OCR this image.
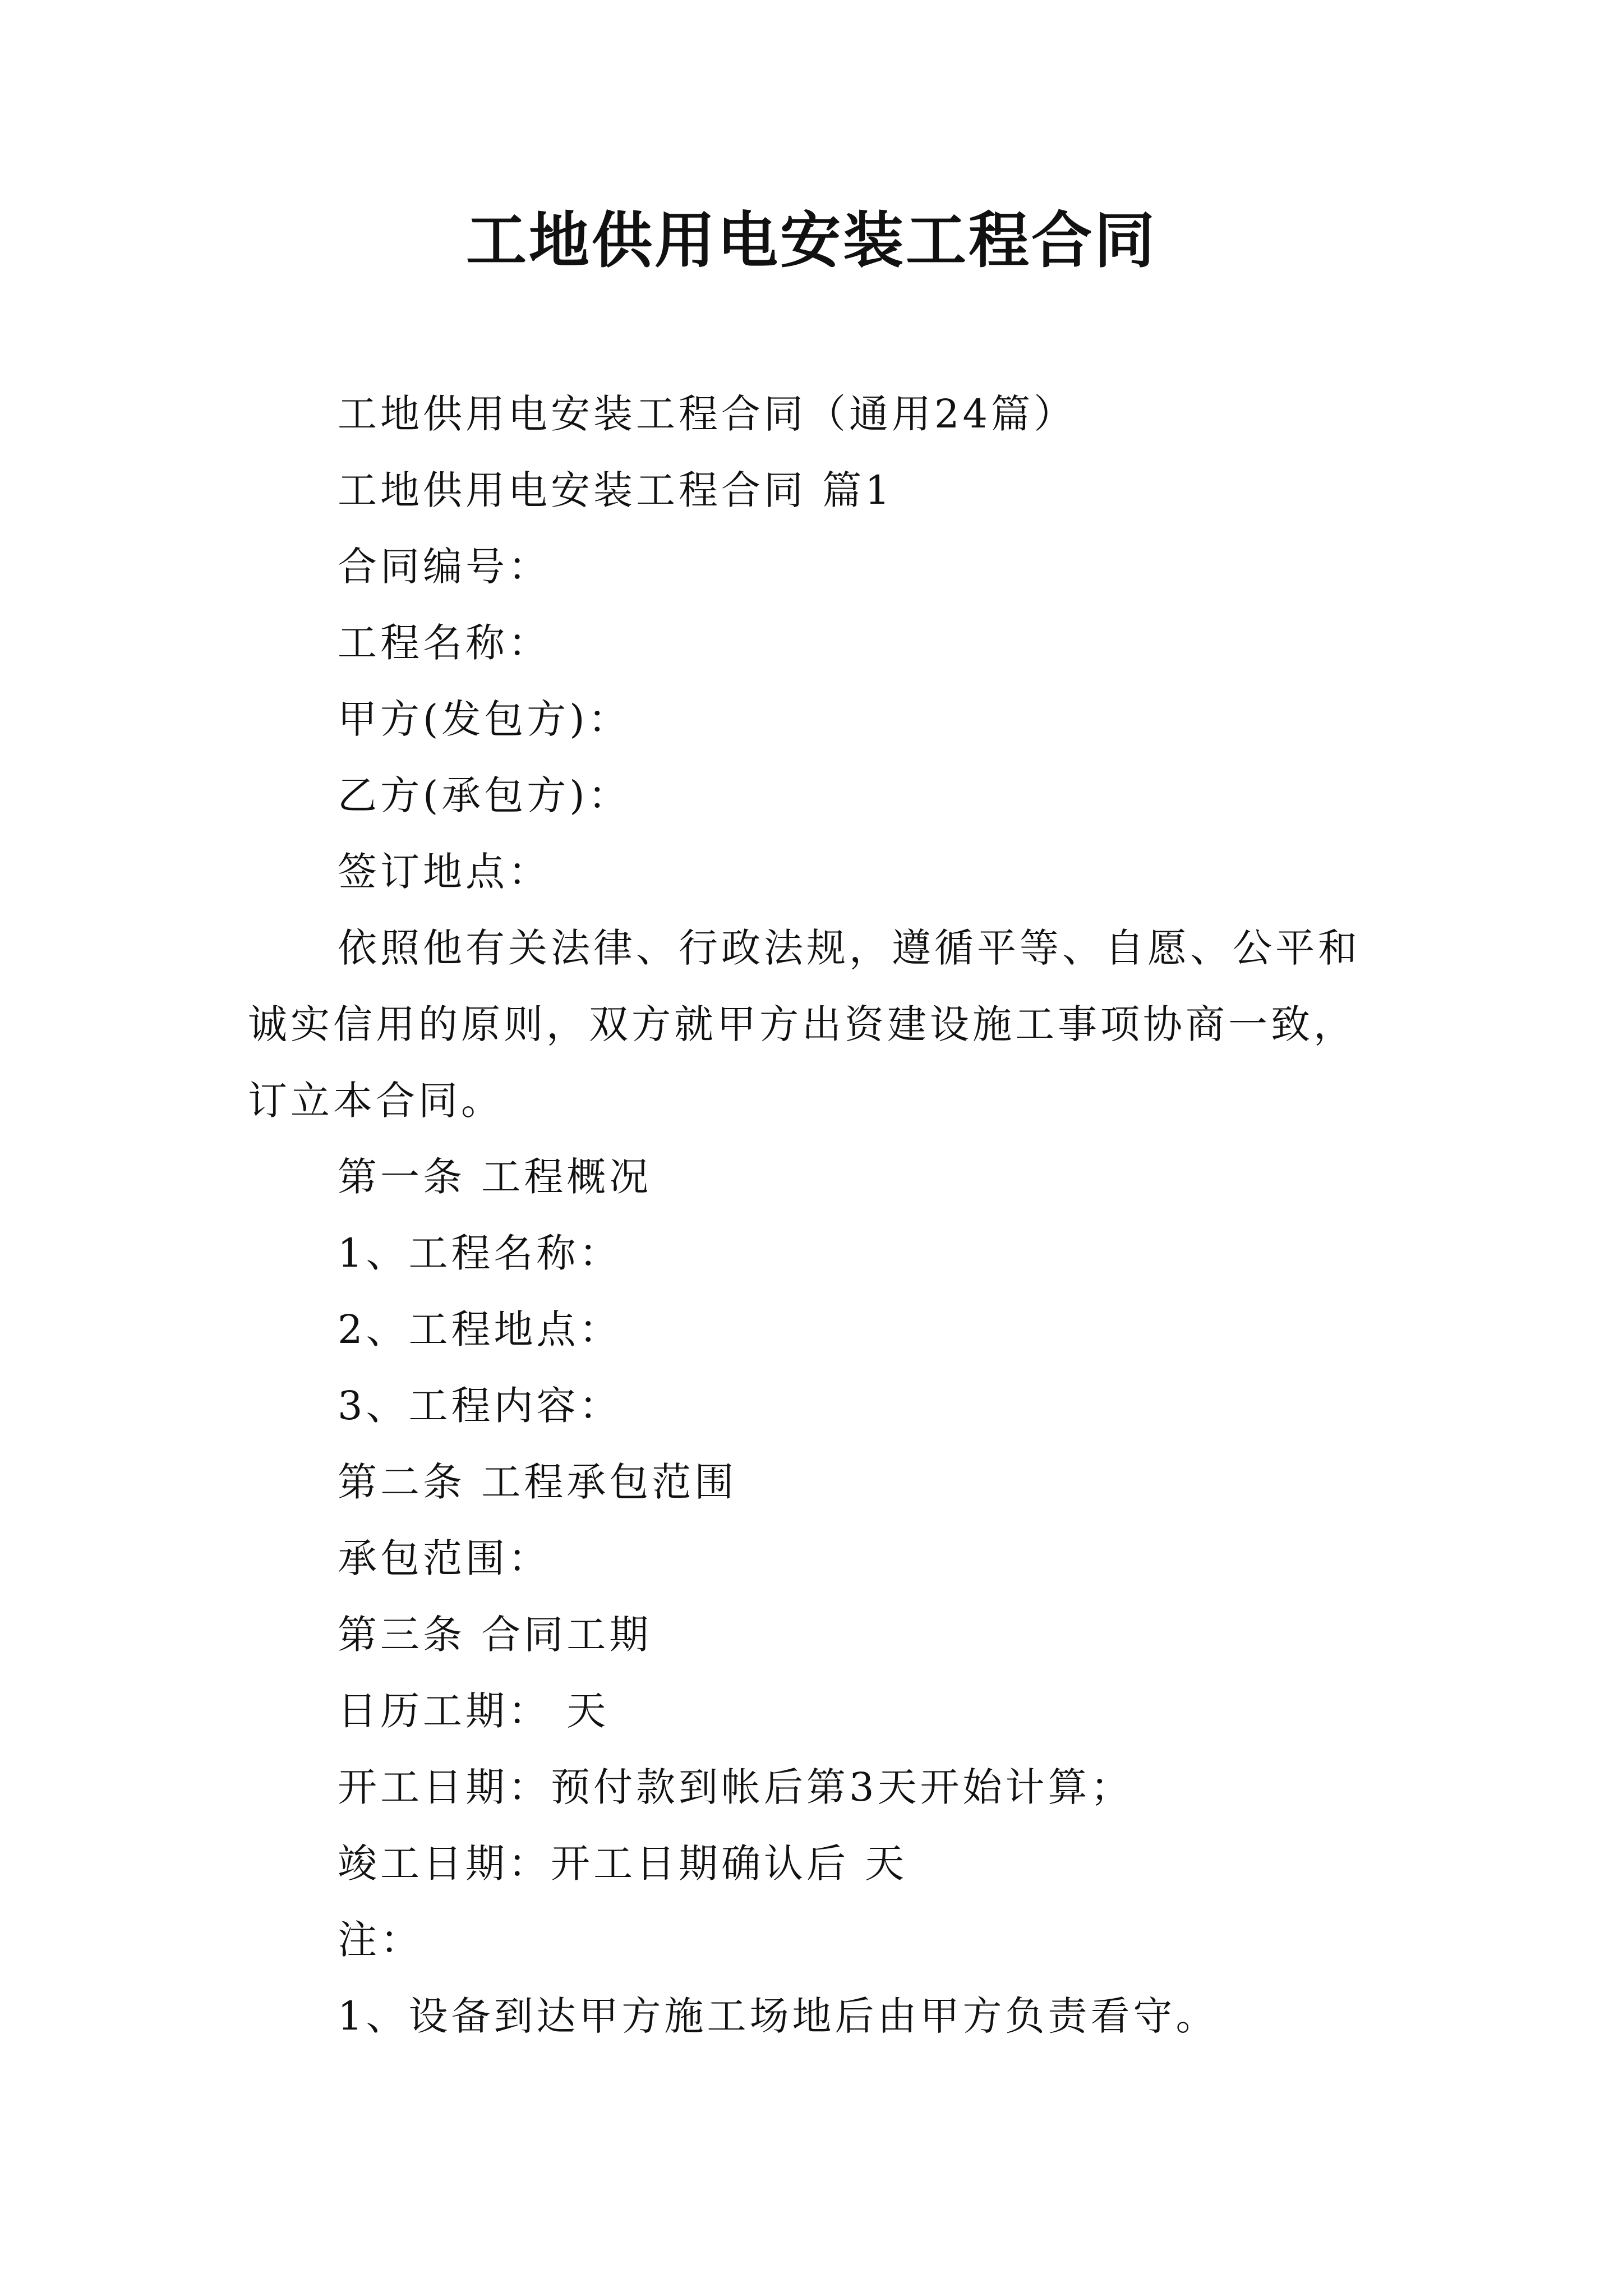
工地供用电安装工程合同

工地供用电安装工程合同（通用24篇）

工地供用电安装工程合同 篇1

合同编号：

工程名称：

甲方(发包方)：

乙方(承包方)：

签订地点：

依照他有关法律、行政法规，遵循平等、自愿、公平和诚实信用的原则，双方就甲方出资建设施工事项协商一致，订立本合同。

第一条 工程概况

1、工程名称：

2、工程地点：

3、工程内容：

第二条 工程承包范围

承包范围：

第三条 合同工期

日历工期： 天

开工日期：预付款到帐后第3天开始计算；

竣工日期：开工日期确认后 天

注：

1、设备到达甲方施工场地后由甲方负责看守。
